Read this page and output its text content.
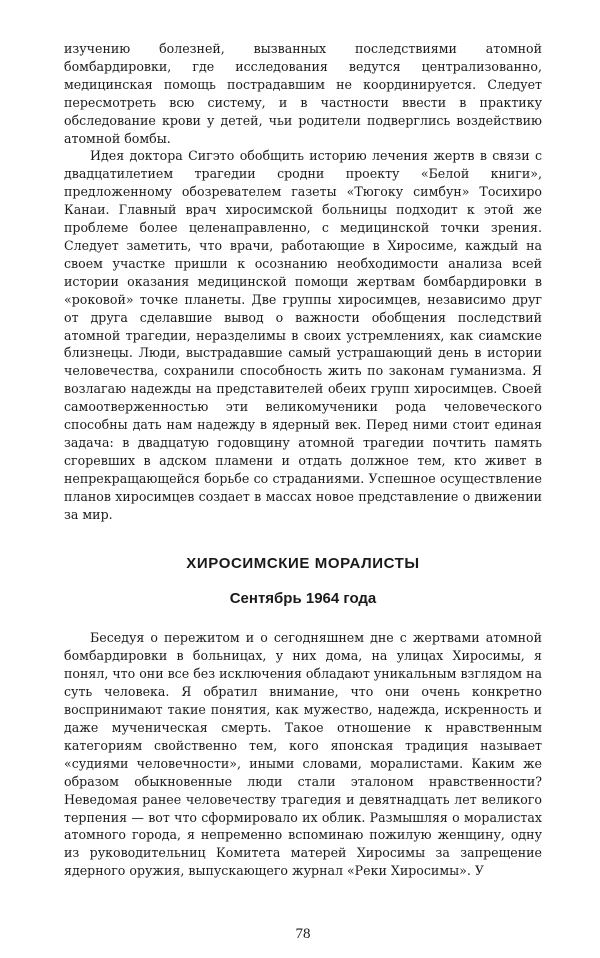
изучению болезней, вызванных последствиями атомной бомбардировки, где исследования ведутся централизованно, медицинская помощь пострадавшим не координируется. Следует пересмотреть всю систему, и в частности ввести в практику обследование крови у детей, чьи родители подверглись воздействию атомной бомбы.

Идея доктора Сигэто обобщить историю лечения жертв в связи с двадцатилетием трагедии сродни проекту «Белой книги», предложенному обозревателем газеты «Тюгоку симбун» Тосихиро Канаи. Главный врач хиросимской больницы подходит к этой же проблеме более целенаправленно, с медицинской точки зрения. Следует заметить, что врачи, работающие в Хиросиме, каждый на своем участке пришли к осознанию необходимости анализа всей истории оказания медицинской помощи жертвам бомбардировки в «роковой» точке планеты. Две группы хиросимцев, независимо друг от друга сделавшие вывод о важности обобщения последствий атомной трагедии, неразделимы в своих устремлениях, как сиамские близнецы. Люди, выстрадавшие самый устрашающий день в истории человечества, сохранили способность жить по законам гуманизма. Я возлагаю надежды на представителей обеих групп хиросимцев. Своей самоотверженностью эти великомученики рода человеческого способны дать нам надежду в ядерный век. Перед ними стоит единая задача: в двадцатую годовщину атомной трагедии почтить память сгоревших в адском пламени и отдать должное тем, кто живет в непрекращающейся борьбе со страданиями. Успешное осуществление планов хиросимцев создает в массах новое представление о движении за мир.

ХИРОСИМСКИЕ МОРАЛИСТЫ
Сентябрь 1964 года

Беседуя о пережитом и о сегодняшнем дне с жертвами атомной бомбардировки в больницах, у них дома, на улицах Хиросимы, я понял, что они все без исключения обладают уникальным взглядом на суть человека. Я обратил внимание, что они очень конкретно воспринимают такие понятия, как мужество, надежда, искренность и даже мученическая смерть. Такое отношение к нравственным категориям свойственно тем, кого японская традиция называет «судиями человечности», иными словами, моралистами. Каким же образом обыкновенные люди стали эталоном нравственности? Неведомая ранее человечеству трагедия и девятнадцать лет великого терпения — вот что сформировало их облик. Размышляя о моралистах атомного города, я непременно вспоминаю пожилую женщину, одну из руководительниц Комитета матерей Хиросимы за запрещение ядерного оружия, выпускающего журнал «Реки Хиросимы». У

78
